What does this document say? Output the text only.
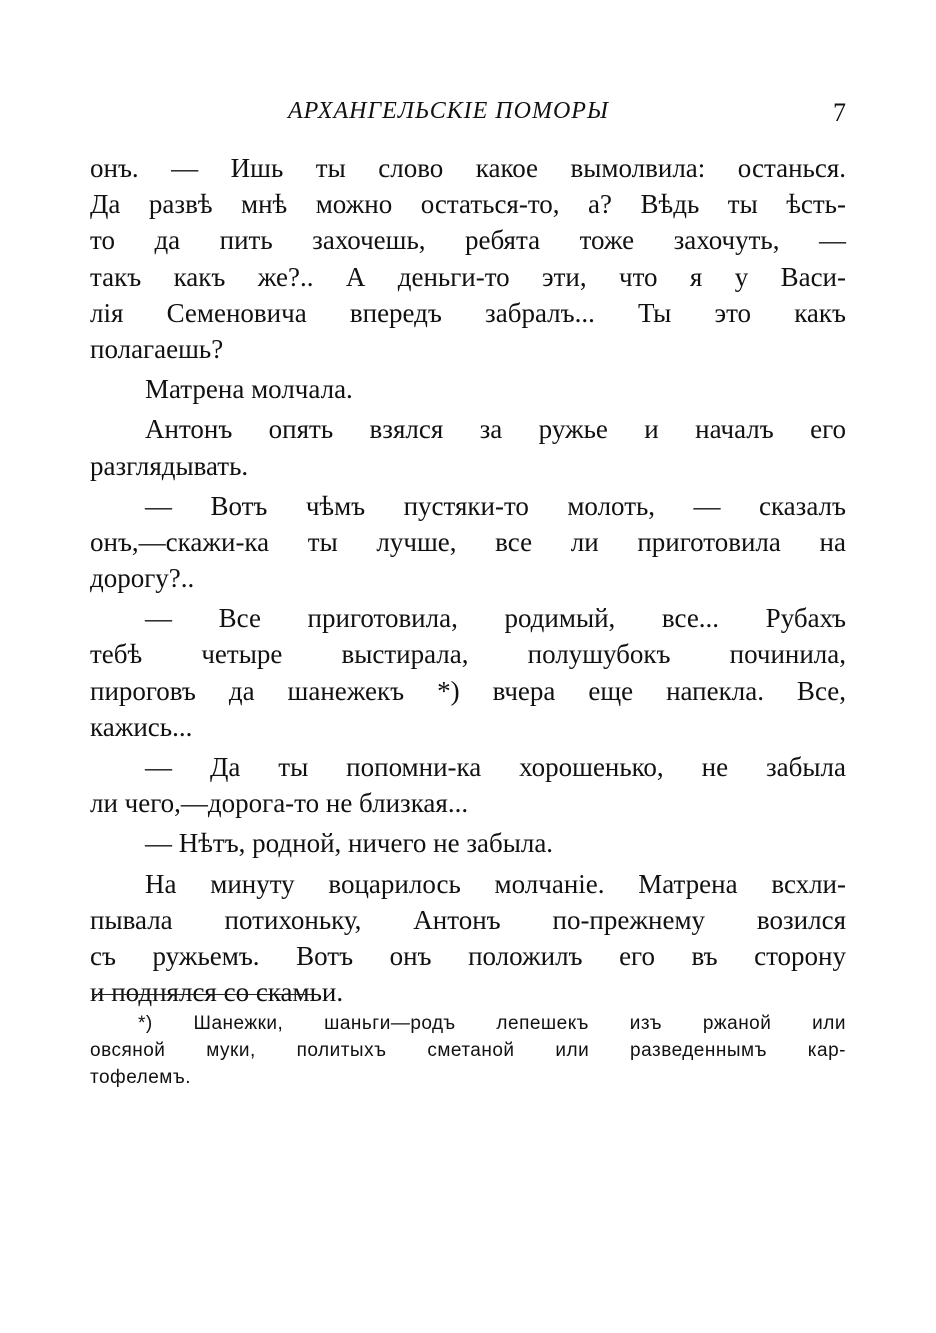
АРХАНГЕЛЬСКІЕ ПОМОРЫ	7
онъ. — Ишь ты слово какое вымолвила: останься.
Да развѣ мнѣ можно остаться-то, а? Вѣдь ты ѣсть-
то да пить захочешь, ребята тоже захочуть, —
такъ какъ же?.. А деньги-то эти, что я у Васи-
лія Семеновича впередъ забралъ... Ты это какъ
полагаешь?
Матрена молчала.
Антонъ опять взялся за ружье и началъ его
разглядывать.
— Вотъ чѣмъ пустяки-то молоть, — сказалъ
онъ,—скажи-ка ты лучше, все ли приготовила на
дорогу?..
— Все приготовила, родимый, все... Рубахъ
тебѣ четыре выстирала, полушубокъ починила,
пироговъ да шанежекъ *) вчера еще напекла. Все,
кажись...
— Да ты попомни-ка хорошенько, не забыла
ли чего,—дорога-то не близкая...
— Нѣтъ, родной, ничего не забыла.
На минуту воцарилось молчаніе. Матрена всхли-
пывала потихоньку, Антонъ по-прежнему возился
съ ружьемъ. Вотъ онъ положилъ его въ сторону
и поднялся со скамьи.
*) Шанежки, шаньги—родъ лепешекъ изъ ржаной или
овсяной муки, политыхъ сметаной или разведеннымъ кар-
тофелемъ.
